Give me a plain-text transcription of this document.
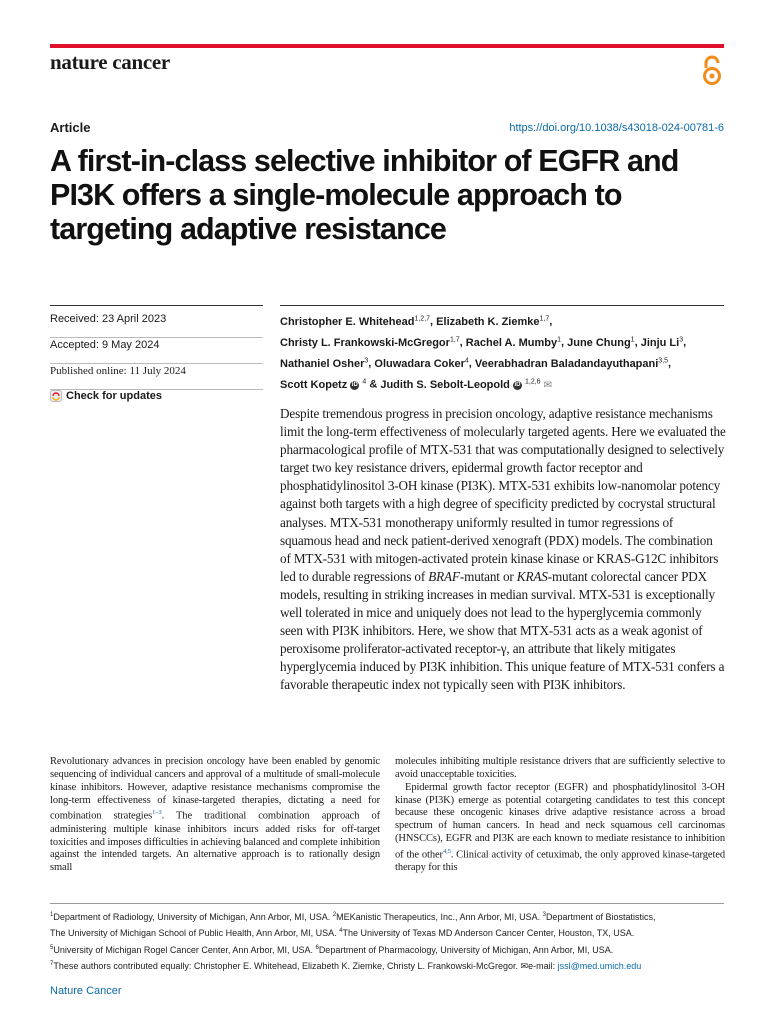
nature cancer
Article	https://doi.org/10.1038/s43018-024-00781-6
A first-in-class selective inhibitor of EGFR and PI3K offers a single-molecule approach to targeting adaptive resistance
Received: 23 April 2023
Accepted: 9 May 2024
Published online: 11 July 2024
Check for updates
Christopher E. Whitehead$^{1,2,7}$, Elizabeth K. Ziemke$^{1,7}$,
Christy L. Frankowski-McGregor$^{1,7}$, Rachel A. Mumby$^1$, June Chung$^1$, Jinju Li$^3$,
Nathaniel Osher$^3$, Oluwadara Coker$^4$, Veerabhadran Baladandayuthapani$^{3,5}$,
Scott Kopetz iD $^4$ & Judith S. Sebolt-Leopold iD $^{1,2,6}$ ✉

Despite tremendous progress in precision oncology, adaptive resistance mechanisms limit the long-term effectiveness of molecularly targeted agents. Here we evaluated the pharmacological profile of MTX-531 that was computationally designed to selectively target two key resistance drivers, epidermal growth factor receptor and phosphatidylinositol 3-OH kinase (PI3K). MTX-531 exhibits low-nanomolar potency against both targets with a high degree of specificity predicted by cocrystal structural analyses. MTX-531 monotherapy uniformly resulted in tumor regressions of squamous head and neck patient-derived xenograft (PDX) models. The combination of MTX-531 with mitogen-activated protein kinase kinase or KRAS-G12C inhibitors led to durable regressions of BRAF-mutant or KRAS-mutant colorectal cancer PDX models, resulting in striking increases in median survival. MTX-531 is exceptionally well tolerated in mice and uniquely does not lead to the hyperglycemia commonly seen with PI3K inhibitors. Here, we show that MTX-531 acts as a weak agonist of peroxisome proliferator-activated receptor-γ, an attribute that likely mitigates hyperglycemia induced by PI3K inhibition. This unique feature of MTX-531 confers a favorable therapeutic index not typically seen with PI3K inhibitors.

Revolutionary advances in precision oncology have been enabled by genomic sequencing of individual cancers and approval of a multitude of small-molecule kinase inhibitors. However, adaptive resistance mechanisms compromise the long-term effectiveness of kinase-targeted therapies, dictating a need for combination strategies$^{1-3}$. The traditional combination approach of administering multiple kinase inhibitors incurs added risks for off-target toxicities and imposes difficulties in achieving balanced and complete inhibition against the intended targets. An alternative approach is to rationally design small

molecules inhibiting multiple resistance drivers that are sufficiently selective to avoid unacceptable toxicities.

Epidermal growth factor receptor (EGFR) and phosphatidylinositol 3-OH kinase (PI3K) emerge as potential cotargeting candidates to test this concept because these oncogenic kinases drive adaptive resistance across a broad spectrum of human cancers. In head and neck squamous cell carcinomas (HNSCCs), EGFR and PI3K are each known to mediate resistance to inhibition of the other$^{4,5}$. Clinical activity of cetuximab, the only approved kinase-targeted therapy for this

$^1$Department of Radiology, University of Michigan, Ann Arbor, MI, USA. $^2$MEKanistic Therapeutics, Inc., Ann Arbor, MI, USA. $^3$Department of Biostatistics,
The University of Michigan School of Public Health, Ann Arbor, MI, USA. $^4$The University of Texas MD Anderson Cancer Center, Houston, TX, USA.
$^5$University of Michigan Rogel Cancer Center, Ann Arbor, MI, USA. $^6$Department of Pharmacology, University of Michigan, Ann Arbor, MI, USA.
$^7$These authors contributed equally: Christopher E. Whitehead, Elizabeth K. Ziemke, Christy L. Frankowski-McGregor. ✉e-mail: jssl@med.umich.edu
Nature Cancer
